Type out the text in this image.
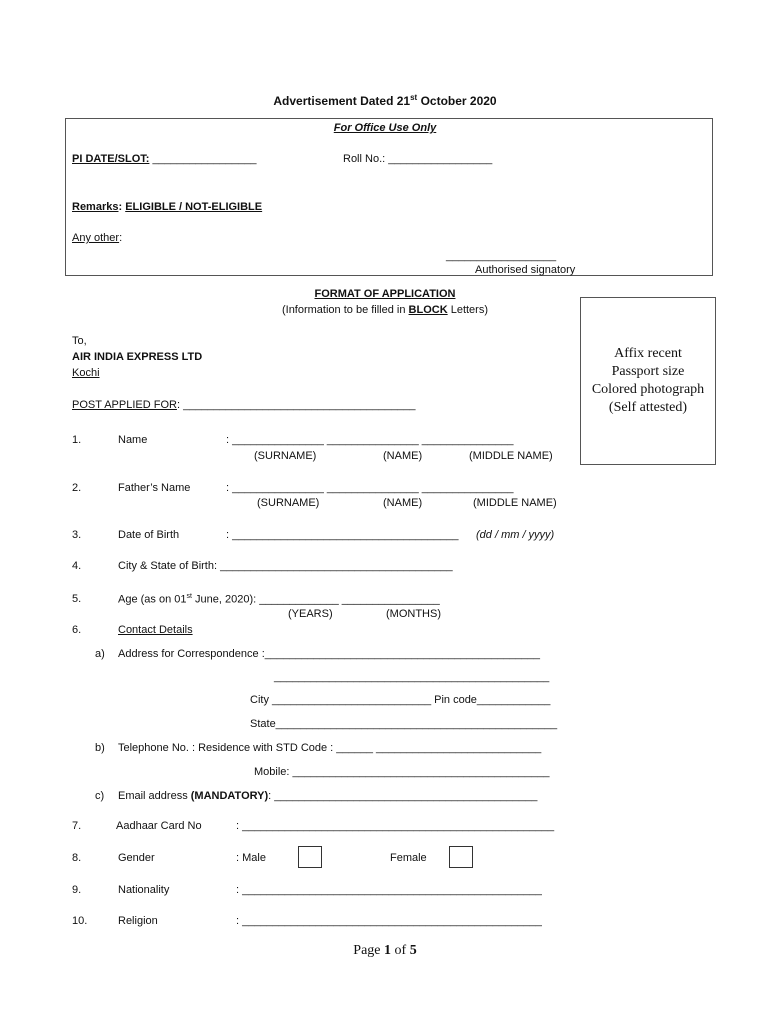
Advertisement Dated 21st October 2020
For Office Use Only
PI DATE/SLOT: _________________	Roll No.: _________________
Remarks: ELIGIBLE / NOT-ELIGIBLE
Any other:
__________________
Authorised signatory
FORMAT OF APPLICATION
(Information to be filled in BLOCK Letters)
Affix recent
Passport size
Colored photograph
(Self attested)
To,
AIR INDIA EXPRESS LTD
Kochi
POST APPLIED FOR: ______________________________________
1.	Name	: _______________ _______________ _______________
(SURNAME)	(NAME)	(MIDDLE NAME)
2.	Father’s Name	: _______________ _______________ _______________
(SURNAME)	(NAME)	(MIDDLE NAME)
3.	Date of Birth	: _____________________________________ (dd / mm / yyyy)
4.	City & State of Birth: ______________________________________
5.	Age (as on 01st June, 2020): _____________ ________________
(YEARS)	(MONTHS)
6.	Contact Details
a) Address for Correspondence :_____________________________________________
_____________________________________________
City __________________________ Pin code____________
State______________________________________________
b) Telephone No. : Residence with STD Code : ______ ___________________________
Mobile: __________________________________________
c) Email address (MANDATORY): ___________________________________________
7.	Aadhaar Card No	: ___________________________________________________
8.	Gender	: Male	Female
9.	Nationality	: _________________________________________________
10.	Religion	: _________________________________________________
Page 1 of 5
